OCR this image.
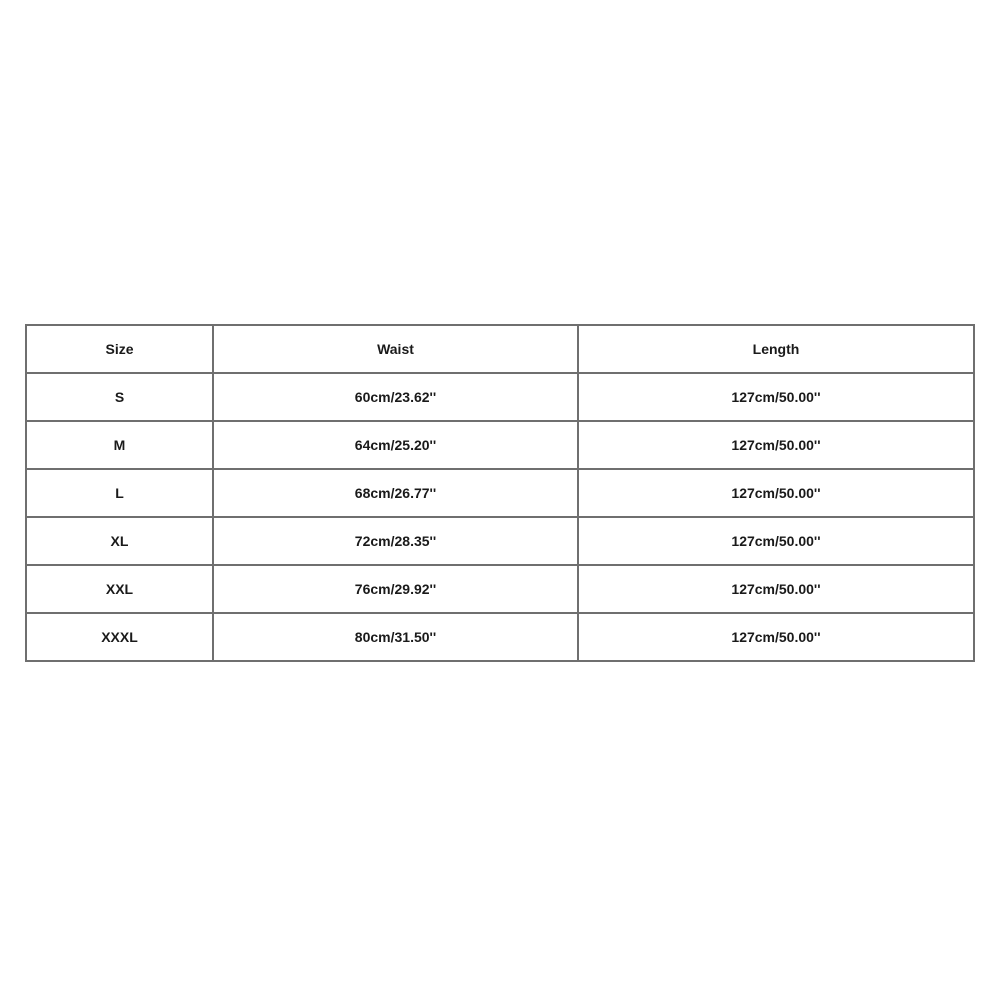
Size	Waist	Length
S	60cm/23.62''	127cm/50.00''
M	64cm/25.20''	127cm/50.00''
L	68cm/26.77''	127cm/50.00''
XL	72cm/28.35''	127cm/50.00''
XXL	76cm/29.92''	127cm/50.00''
XXXL	80cm/31.50''	127cm/50.00''
